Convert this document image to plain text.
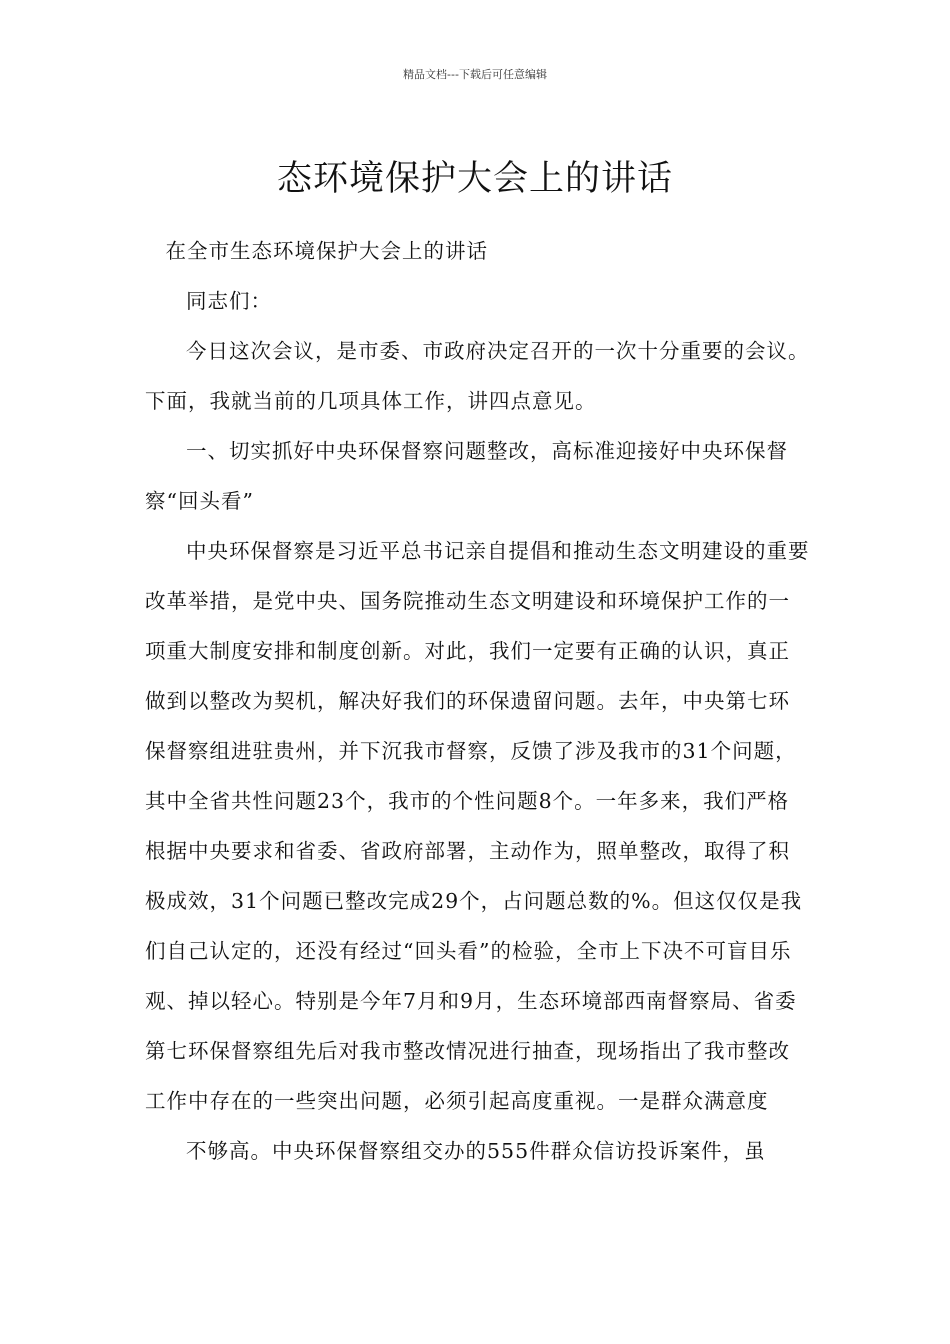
精品文档---下载后可任意编辑
态环境保护大会上的讲话

在全市生态环境保护大会上的讲话

同志们：

今日这次会议，是市委、市政府决定召开的一次十分重要的会议。下面，我就当前的几项具体工作，讲四点意见。

一、切实抓好中央环保督察问题整改，高标准迎接好中央环保督察“回头看”

中央环保督察是习近平总书记亲自提倡和推动生态文明建设的重要改革举措，是党中央、国务院推动生态文明建设和环境保护工作的一项重大制度安排和制度创新。对此，我们一定要有正确的认识，真正做到以整改为契机，解决好我们的环保遗留问题。去年，中央第七环保督察组进驻贵州，并下沉我市督察，反馈了涉及我市的31个问题，其中全省共性问题23个，我市的个性问题8个。一年多来，我们严格根据中央要求和省委、省政府部署，主动作为，照单整改，取得了积极成效，31个问题已整改完成29个，占问题总数的%。但这仅仅是我们自己认定的，还没有经过“回头看”的检验，全市上下决不可盲目乐观、掉以轻心。特别是今年7月和9月，生态环境部西南督察局、省委第七环保督察组先后对我市整改情况进行抽查，现场指出了我市整改工作中存在的一些突出问题，必须引起高度重视。一是群众满意度

不够高。中央环保督察组交办的555件群众信访投诉案件，虽
